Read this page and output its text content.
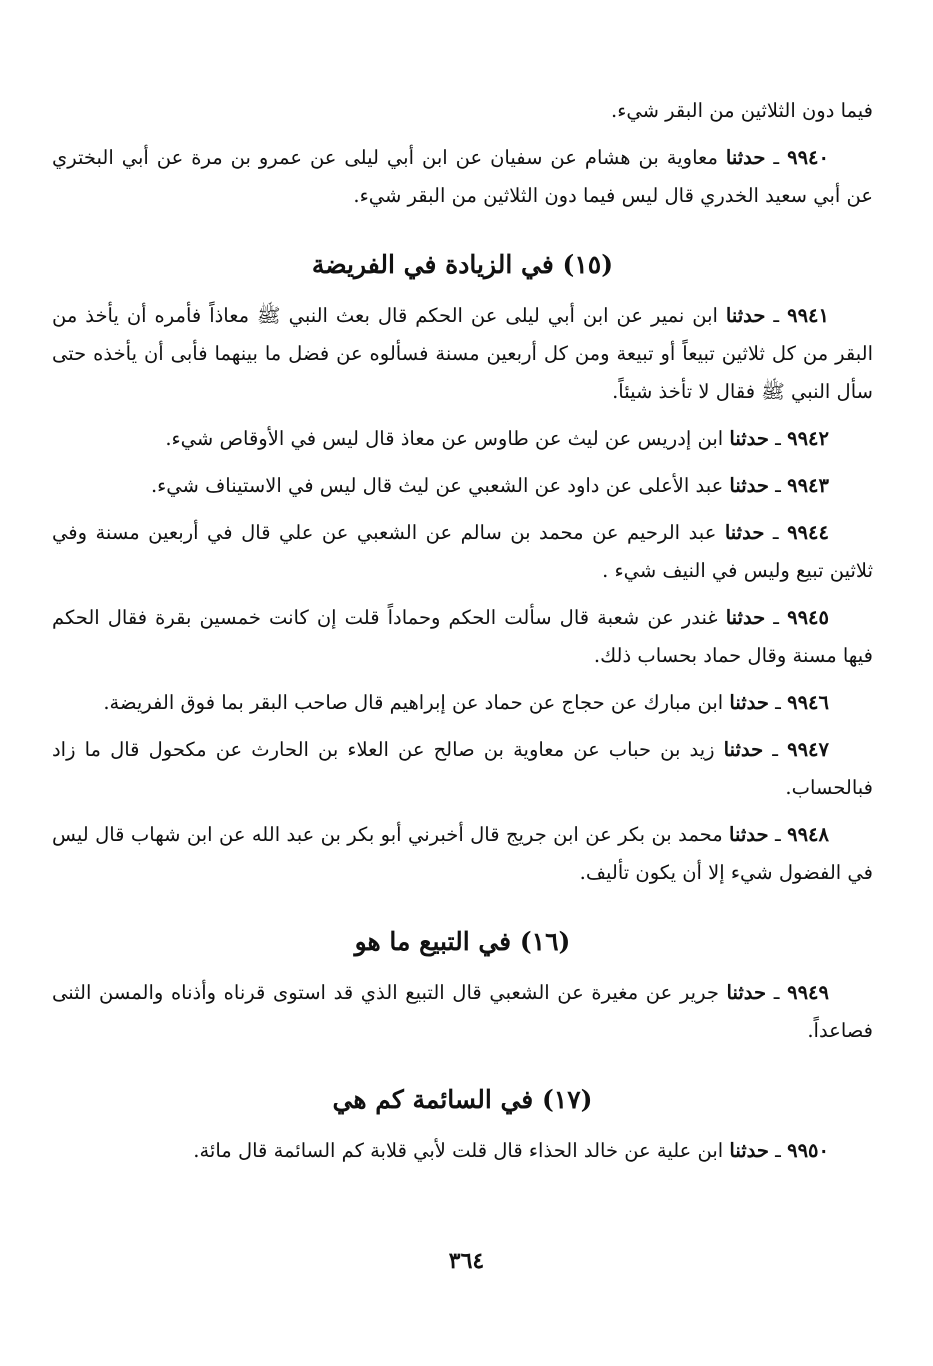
فيما دون الثلاثين من البقر شيء.

٩٩٤٠ ـ حدثنا معاوية بن هشام عن سفيان عن ابن أبي ليلى عن عمرو بن مرة عن أبي البختري عن أبي سعيد الخدري قال ليس فيما دون الثلاثين من البقر شيء.

(١٥) في الزيادة في الفريضة

٩٩٤١ ـ حدثنا ابن نمير عن ابن أبي ليلى عن الحكم قال بعث النبي ﷺ معاذاً فأمره أن يأخذ من البقر من كل ثلاثين تبيعاً أو تبيعة ومن كل أربعين مسنة فسألوه عن فضل ما بينهما فأبى أن يأخذه حتى سأل النبي ﷺ فقال لا تأخذ شيئاً.

٩٩٤٢ ـ حدثنا ابن إدريس عن ليث عن طاوس عن معاذ قال ليس في الأوقاص شيء.

٩٩٤٣ ـ حدثنا عبد الأعلى عن داود عن الشعبي عن ليث قال ليس في الاستيناف شيء.

٩٩٤٤ ـ حدثنا عبد الرحيم عن محمد بن سالم عن الشعبي عن علي قال في أربعين مسنة وفي ثلاثين تبيع وليس في النيف شيء .

٩٩٤٥ ـ حدثنا غندر عن شعبة قال سألت الحكم وحماداً قلت إن كانت خمسين بقرة فقال الحكم فيها مسنة وقال حماد بحساب ذلك.

٩٩٤٦ ـ حدثنا ابن مبارك عن حجاج عن حماد عن إبراهيم قال صاحب البقر بما فوق الفريضة.

٩٩٤٧ ـ حدثنا زيد بن حباب عن معاوية بن صالح عن العلاء بن الحارث عن مكحول قال ما زاد فبالحساب.

٩٩٤٨ ـ حدثنا محمد بن بكر عن ابن جريج قال أخبرني أبو بكر بن عبد الله عن ابن شهاب قال ليس في الفضول شيء إلا أن يكون تأليف.

(١٦) في التبيع ما هو

٩٩٤٩ ـ حدثنا جرير عن مغيرة عن الشعبي قال التبيع الذي قد استوى قرناه وأذناه والمسن الثنى فصاعداً.

(١٧) في السائمة كم هي

٩٩٥٠ ـ حدثنا ابن علية عن خالد الحذاء قال قلت لأبي قلابة كم السائمة قال مائة.

٣٦٤
